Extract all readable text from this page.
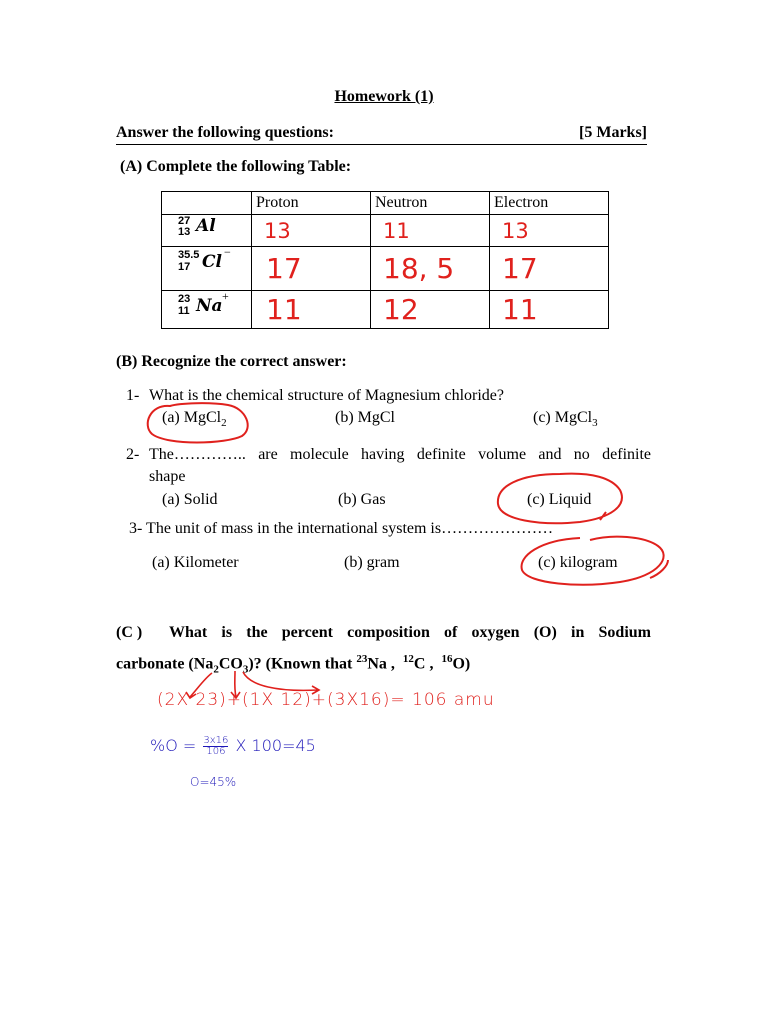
Homework (1)
Answer the following questions:	[5 Marks]
(A) Complete the following Table:
	Proton	Neutron	Electron

27
13 Al	13	11	13

35.5
17 Cl −	17	18, 5	17

23
11 Na +	11	12	11
(B) Recognize the correct answer:
1- What is the chemical structure of Magnesium chloride?
(a) MgCl$_2$	(b) MgCl	(c) MgCl$_3$
2- The………….. are molecule having definite volume and no definite
shape
(a) Solid	(b) Gas	(c) Liquid
3- The unit of mass in the international system is…………………
(a) Kilometer	(b) gram	(c) kilogram
(C ) What is the percent composition of oxygen (O) in Sodium
carbonate $(Na_2CO_3)$? (Known that $^{23}$Na , $^{12}$C , $^{16}$O)
(2X 23)+(1X 12)+(3X16)= 106 amu
$\%O = \frac{3x16}{106}$ X 100=45
O=45%
